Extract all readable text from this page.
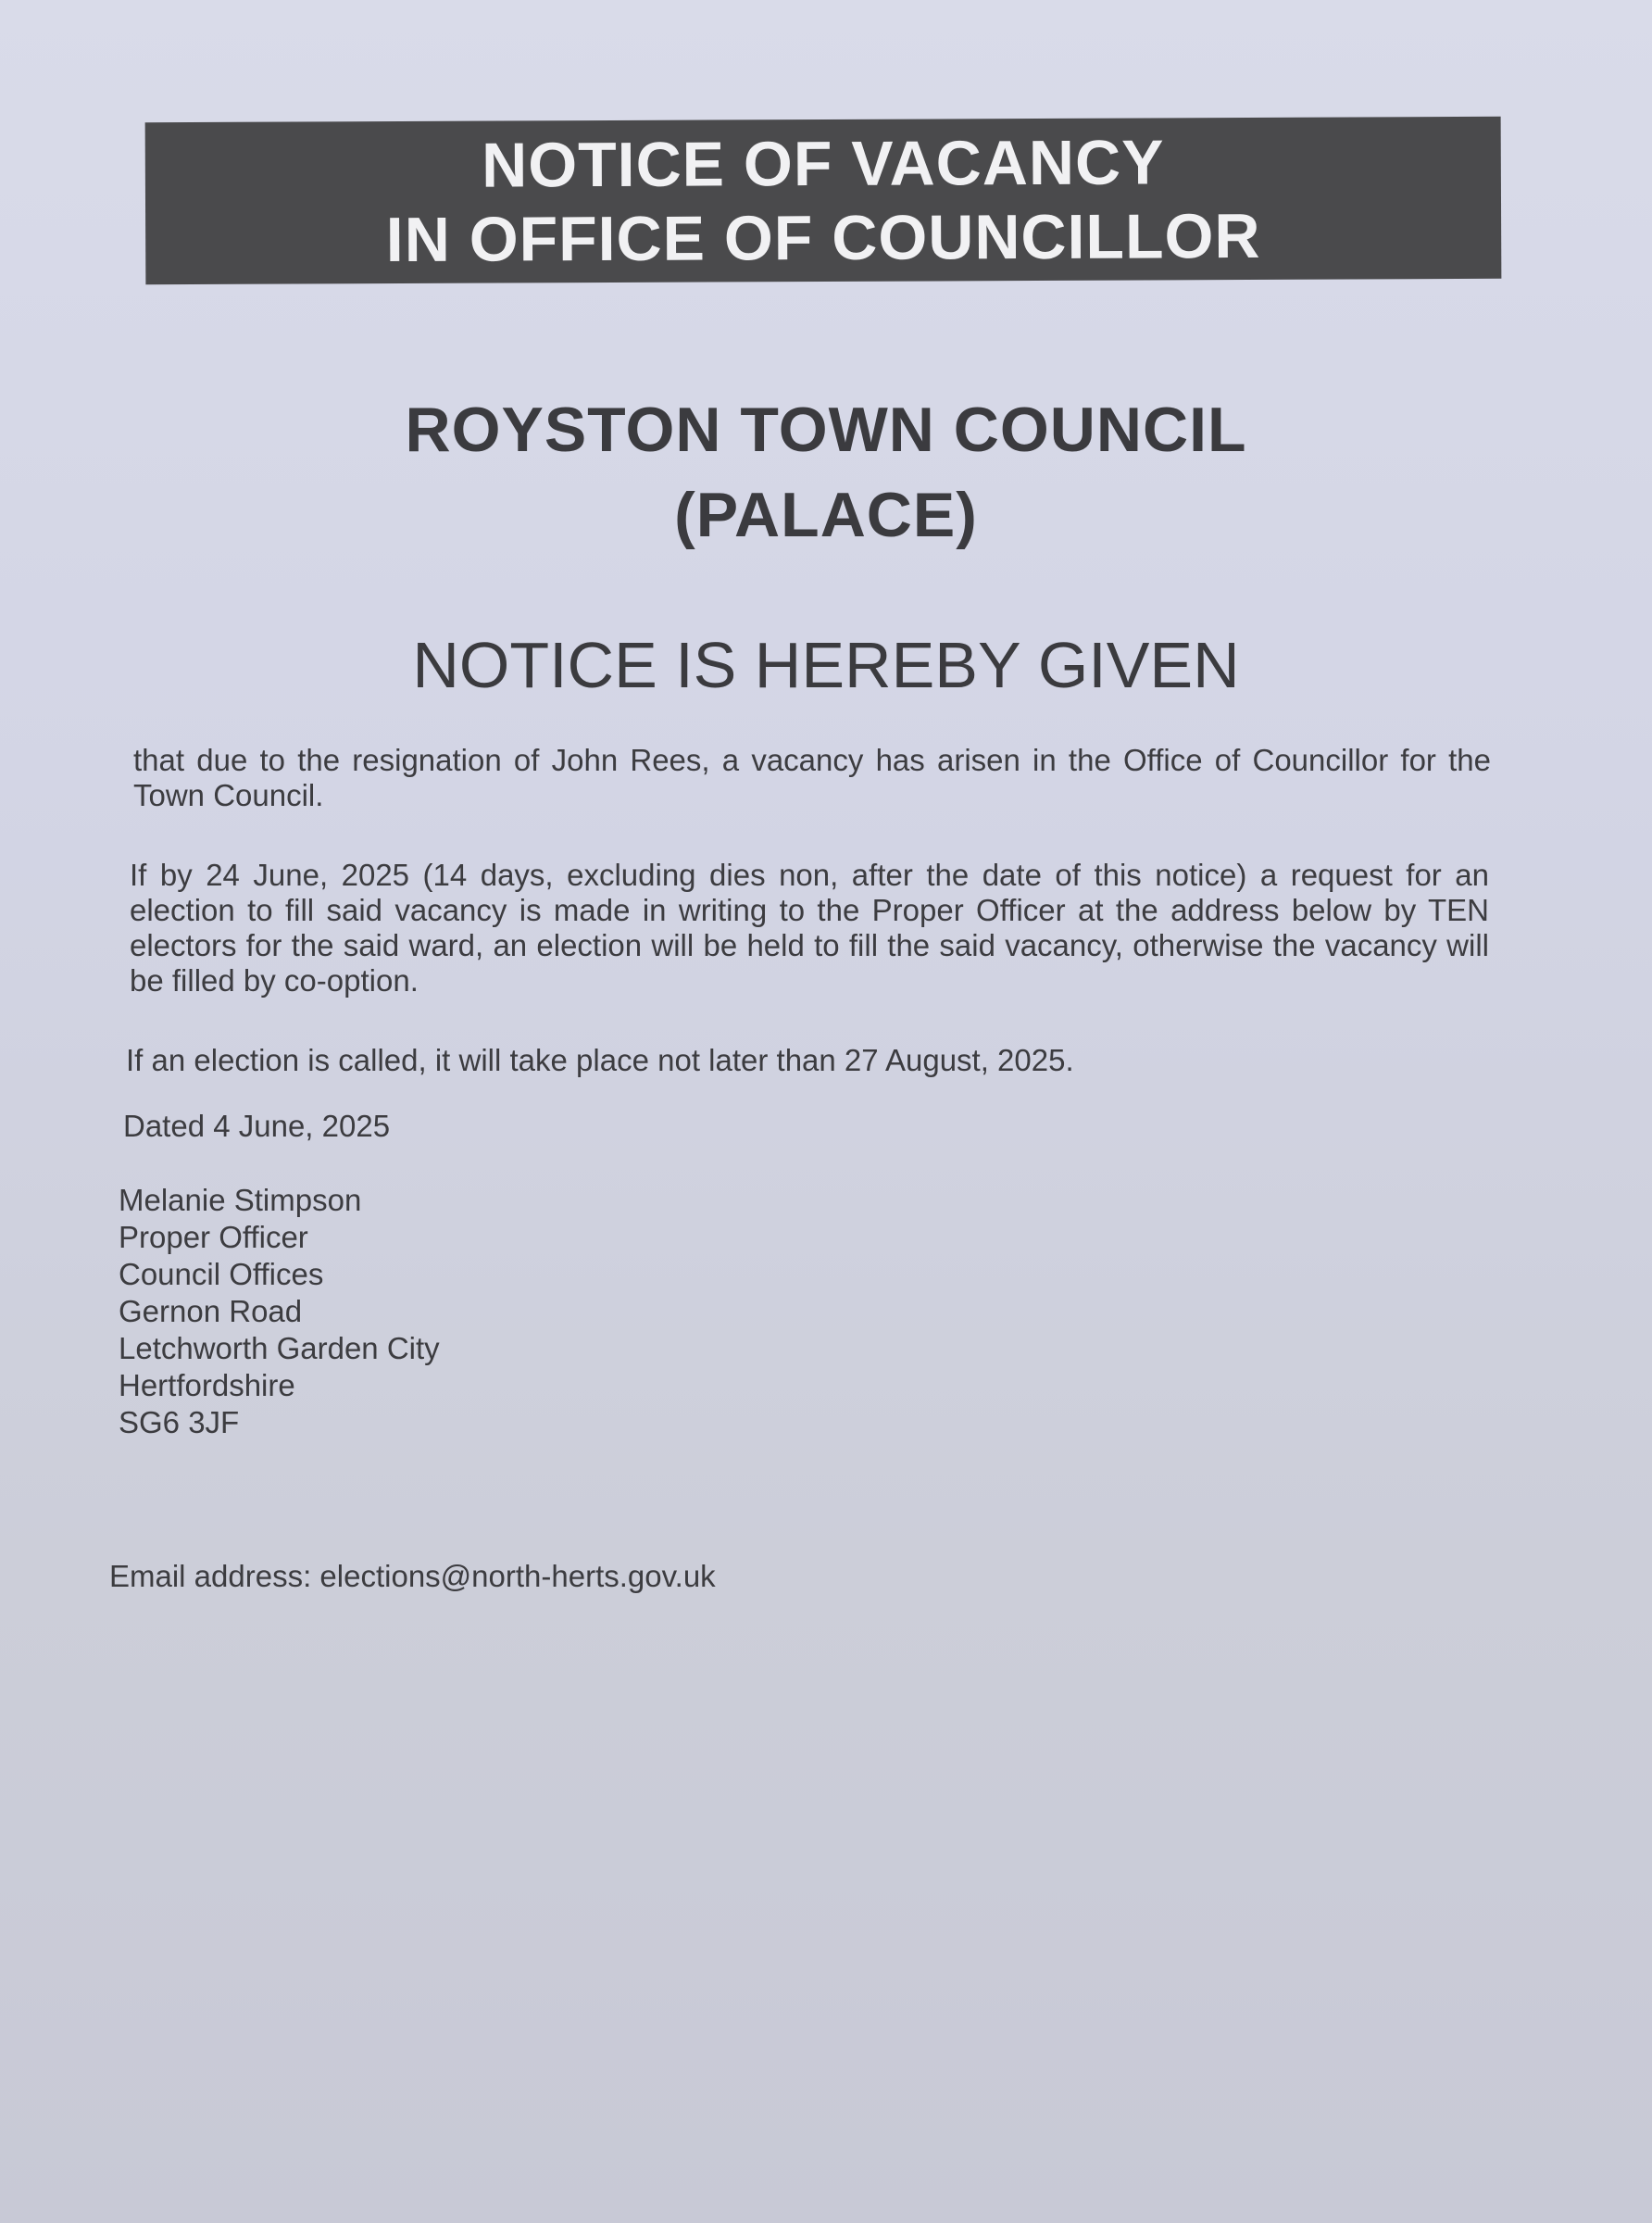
NOTICE OF VACANCY
IN OFFICE OF COUNCILLOR
ROYSTON TOWN COUNCIL
(PALACE)
NOTICE IS HEREBY GIVEN
that due to the resignation of John Rees, a vacancy has arisen in the Office of Councillor for the Town Council.
If by 24 June, 2025 (14 days, excluding dies non, after the date of this notice) a request for an election to fill said vacancy is made in writing to the Proper Officer at the address below by TEN electors for the said ward, an election will be held to fill the said vacancy, otherwise the vacancy will be filled by co-option.
If an election is called, it will take place not later than 27 August, 2025.
Dated 4 June, 2025
Melanie Stimpson
Proper Officer
Council Offices
Gernon Road
Letchworth Garden City
Hertfordshire
SG6 3JF
Email address: elections@north-herts.gov.uk
